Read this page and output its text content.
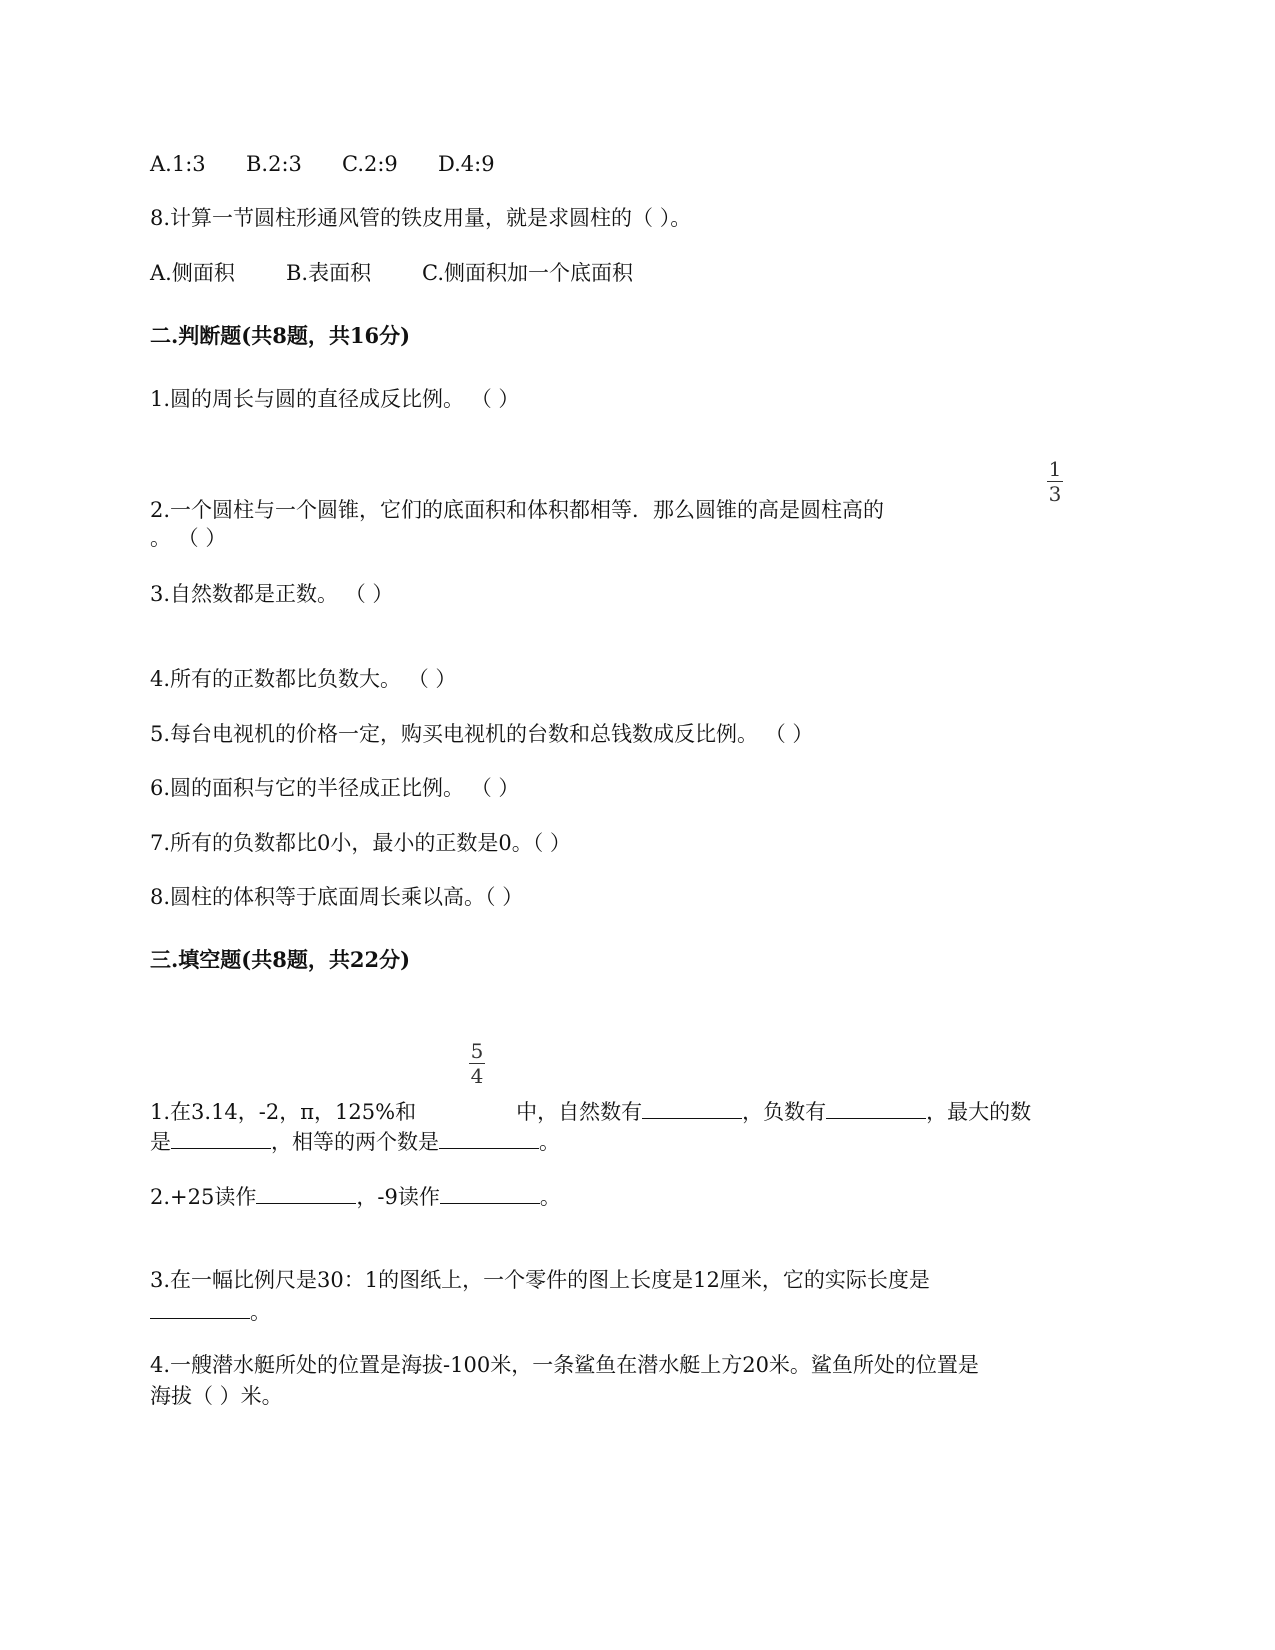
A.1:3 B.2:3 C.2:9 D.4:9
8.计算一节圆柱形通风管的铁皮用量，就是求圆柱的（ ）。
A.侧面积 B.表面积 C.侧面积加一个底面积
二.判断题(共8题，共16分)
1.圆的周长与圆的直径成反比例。 （ ）
1
3
2.一个圆柱与一个圆锥，它们的底面积和体积都相等．那么圆锥的高是圆柱高的
。 （ ）
3.自然数都是正数。 （ ）
4.所有的正数都比负数大。 （ ）
5.每台电视机的价格一定，购买电视机的台数和总钱数成反比例。 （ ）
6.圆的面积与它的半径成正比例。 （ ）
7.所有的负数都比0小，最小的正数是0。（ ）
8.圆柱的体积等于底面周长乘以高。（ ）
三.填空题(共8题，共22分)
5
4
1.在3.14，-2，π，125%和	中，自然数有	，负数有	，最大的数
是	，相等的两个数是	。
2.+25读作	，-9读作	。
3.在一幅比例尺是30：1的图纸上，一个零件的图上长度是12厘米，它的实际长度是
。
4.一艘潜水艇所处的位置是海拔-100米，一条鲨鱼在潜水艇上方20米。鲨鱼所处的位置是
海拔（ ）米。
